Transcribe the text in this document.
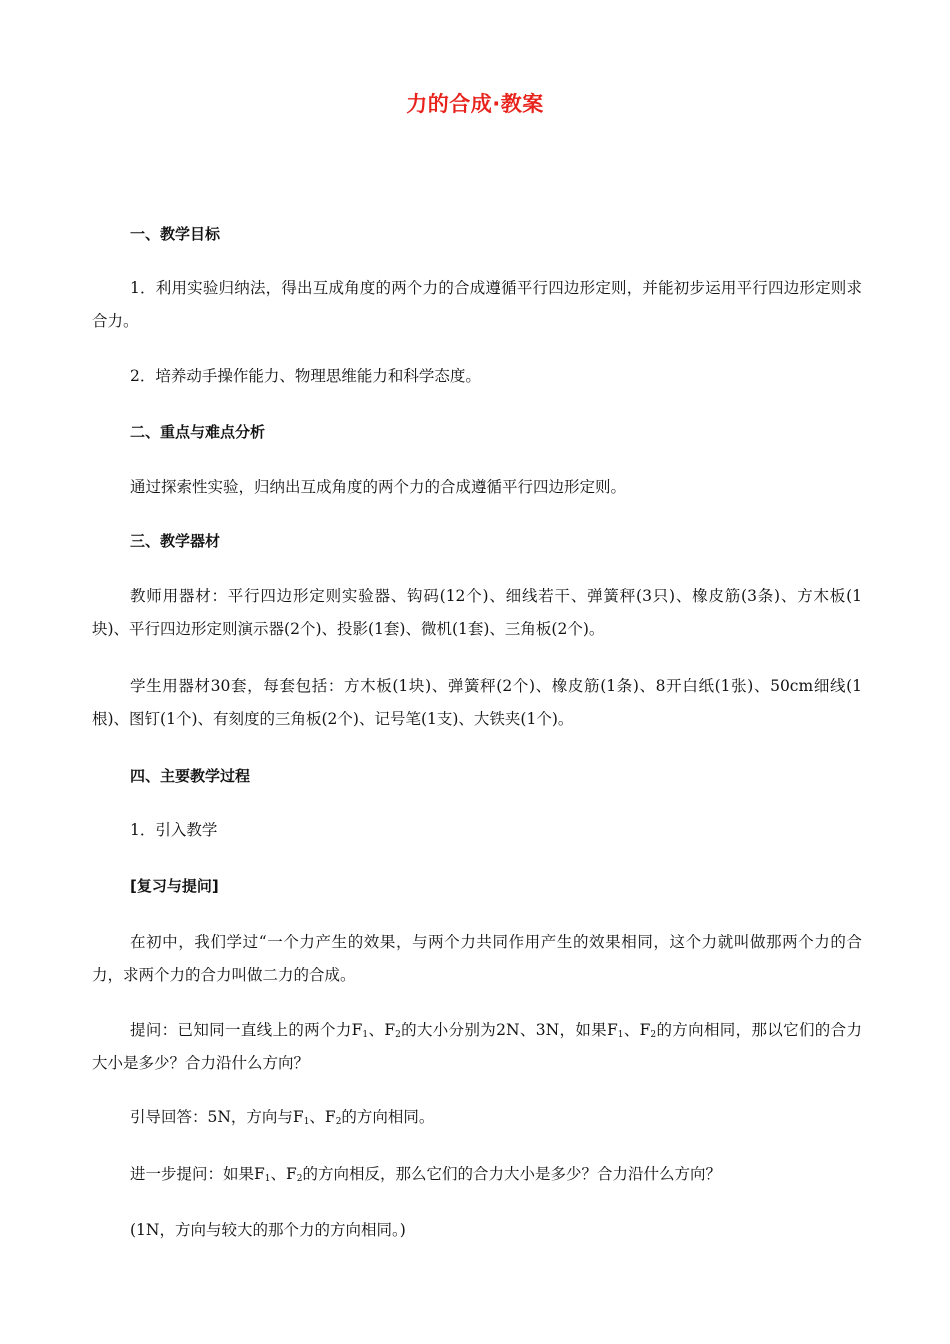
力的合成·教案
一、教学目标
1．利用实验归纳法，得出互成角度的两个力的合成遵循平行四边形定则，并能初步运用平行四边形定则求合力。
2．培养动手操作能力、物理思维能力和科学态度。
二、重点与难点分析
通过探索性实验，归纳出互成角度的两个力的合成遵循平行四边形定则。
三、教学器材
教师用器材：平行四边形定则实验器、钩码(12个)、细线若干、弹簧秤(3只)、橡皮筋(3条)、方木板(1块)、平行四边形定则演示器(2个)、投影(1套)、微机(1套)、三角板(2个)。
学生用器材30套，每套包括：方木板(1块)、弹簧秤(2个)、橡皮筋(1条)、8开白纸(1张)、50cm细线(1根)、图钉(1个)、有刻度的三角板(2个)、记号笔(1支)、大铁夹(1个)。
四、主要教学过程
1．引入教学
[复习与提问]
在初中，我们学过“一个力产生的效果，与两个力共同作用产生的效果相同，这个力就叫做那两个力的合力，求两个力的合力叫做二力的合成。
提问：已知同一直线上的两个力$F_1$、$F_2$的大小分别为2N、3N，如果$F_1$、$F_2$的方向相同，那以它们的合力大小是多少？合力沿什么方向？
引导回答：5N，方向与$F_1$、$F_2$的方向相同。
进一步提问：如果$F_1$、$F_2$的方向相反，那么它们的合力大小是多少？合力沿什么方向？
(1N，方向与较大的那个力的方向相同。)
